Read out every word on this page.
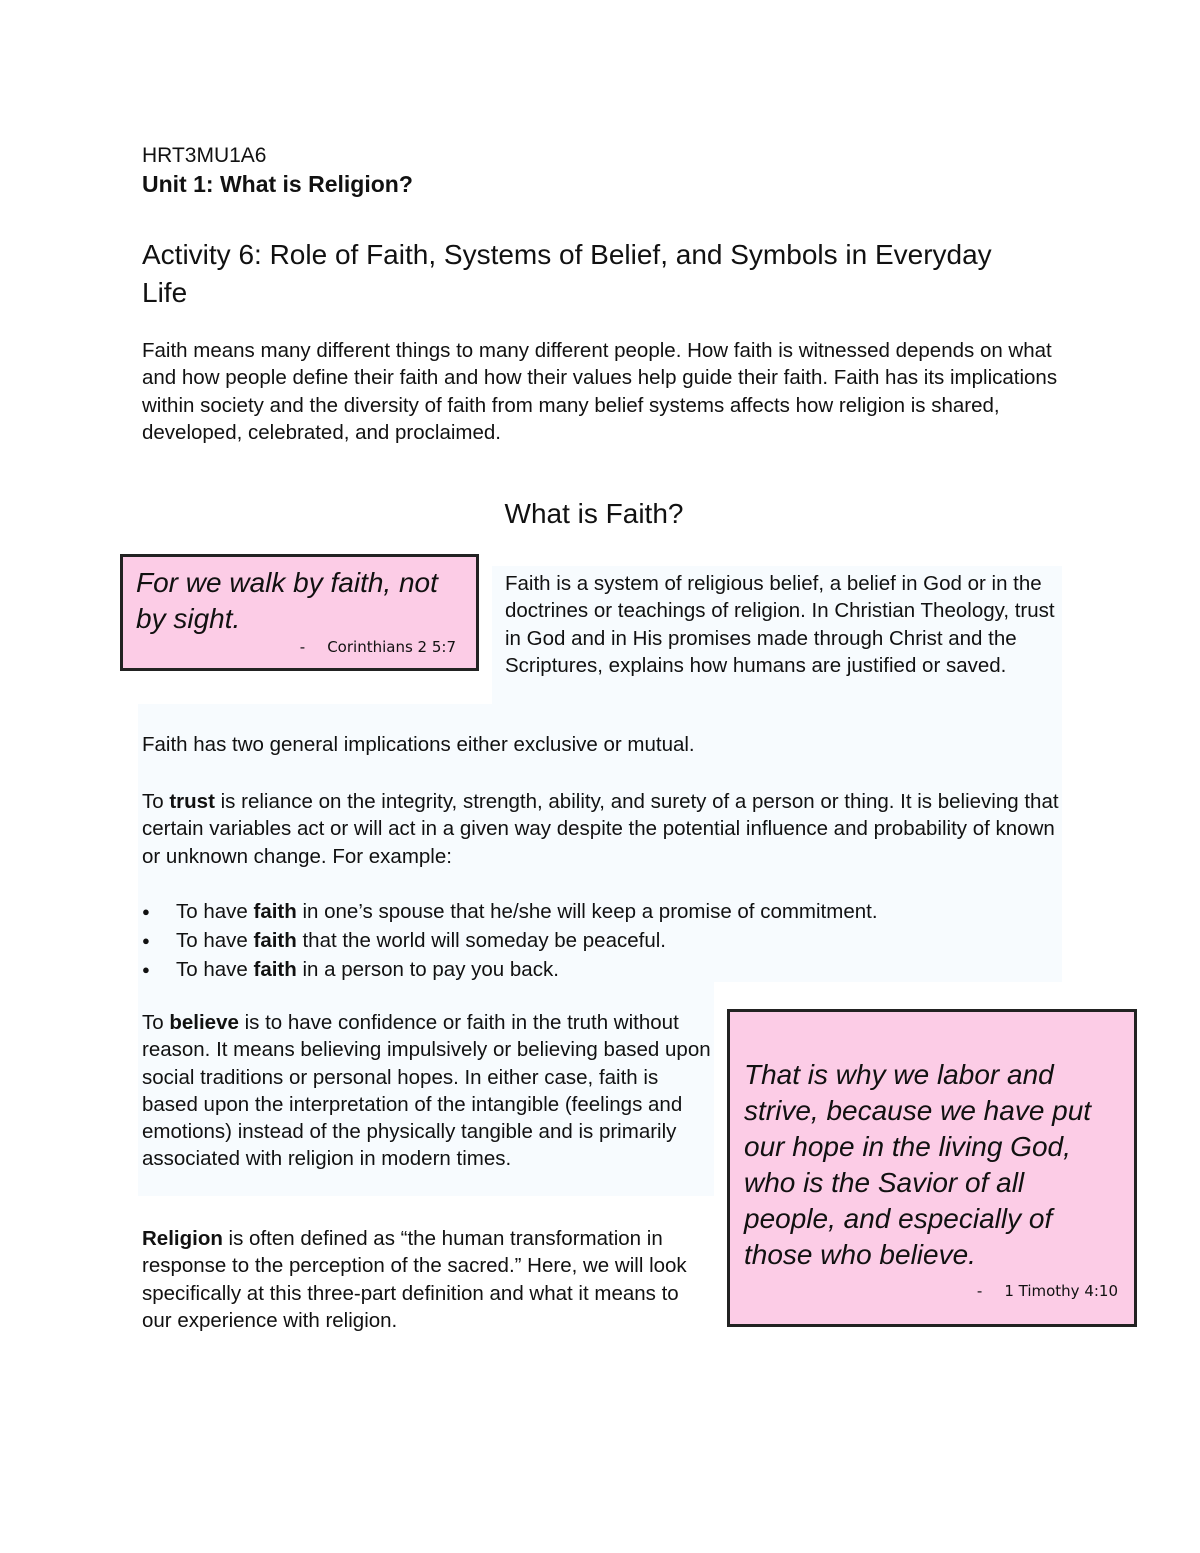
HRT3MU1A6
Unit 1: What is Religion?
Activity 6: Role of Faith, Systems of Belief, and Symbols in Everyday Life
Faith means many different things to many different people. How faith is witnessed depends on what and how people define their faith and how their values help guide their faith. Faith has its implications within society and the diversity of faith from many belief systems affects how religion is shared, developed, celebrated, and proclaimed.
What is Faith?
For we walk by faith, not by sight.
- Corinthians 2 5:7
Faith is a system of religious belief, a belief in God or in the doctrines or teachings of religion. In Christian Theology, trust in God and in His promises made through Christ and the Scriptures, explains how humans are justified or saved.
Faith has two general implications either exclusive or mutual.
To trust is reliance on the integrity, strength, ability, and surety of a person or thing. It is believing that certain variables act or will act in a given way despite the potential influence and probability of known or unknown change. For example:
● To have faith in one’s spouse that he/she will keep a promise of commitment.
● To have faith that the world will someday be peaceful.
● To have faith in a person to pay you back.
To believe is to have confidence or faith in the truth without reason. It means believing impulsively or believing based upon social traditions or personal hopes. In either case, faith is based upon the interpretation of the intangible (feelings and emotions) instead of the physically tangible and is primarily associated with religion in modern times.
Religion is often defined as “the human transformation in response to the perception of the sacred.” Here, we will look specifically at this three-part definition and what it means to our experience with religion.
That is why we labor and strive, because we have put our hope in the living God, who is the Savior of all people, and especially of those who believe.
- 1 Timothy 4:10
